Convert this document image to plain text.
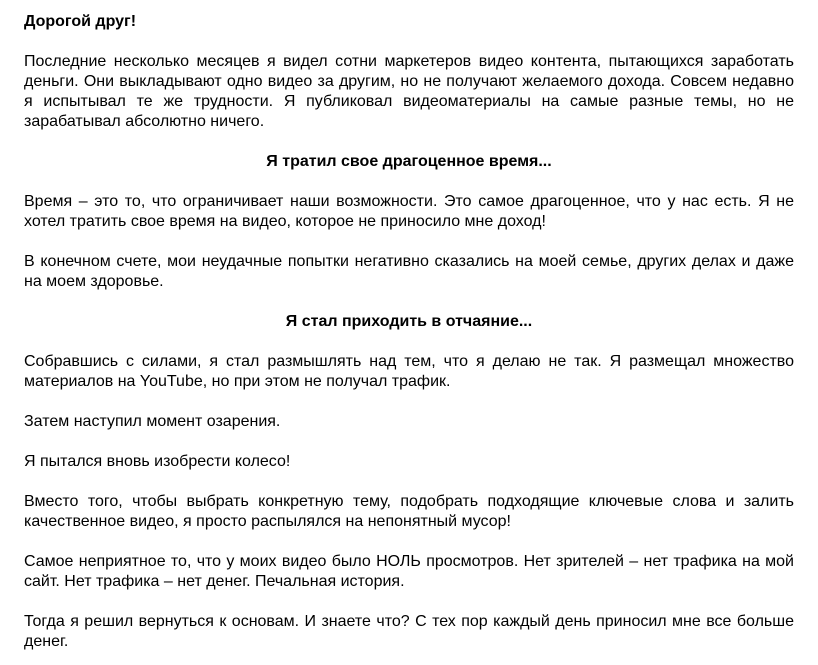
Дорогой друг!

Последние несколько месяцев я видел сотни маркетеров видео контента, пытающихся заработать деньги. Они выкладывают одно видео за другим, но не получают желаемого дохода. Совсем недавно я испытывал те же трудности. Я публиковал видеоматериалы на самые разные темы, но не зарабатывал абсолютно ничего.

Я тратил свое драгоценное время...

Время – это то, что ограничивает наши возможности. Это самое драгоценное, что у нас есть. Я не хотел тратить свое время на видео, которое не приносило мне доход!

В конечном счете, мои неудачные попытки негативно сказались на моей семье, других делах и даже на моем здоровье.

Я стал приходить в отчаяние...

Собравшись с силами, я стал размышлять над тем, что я делаю не так. Я размещал множество материалов на YouTube, но при этом не получал трафик.

Затем наступил момент озарения.

Я пытался вновь изобрести колесо!

Вместо того, чтобы выбрать конкретную тему, подобрать подходящие ключевые слова и залить качественное видео, я просто распылялся на непонятный мусор!

Самое неприятное то, что у моих видео было НОЛЬ просмотров. Нет зрителей – нет трафика на мой сайт. Нет трафика – нет денег. Печальная история.

Тогда я решил вернуться к основам. И знаете что? С тех пор каждый день приносил мне все больше денег.
